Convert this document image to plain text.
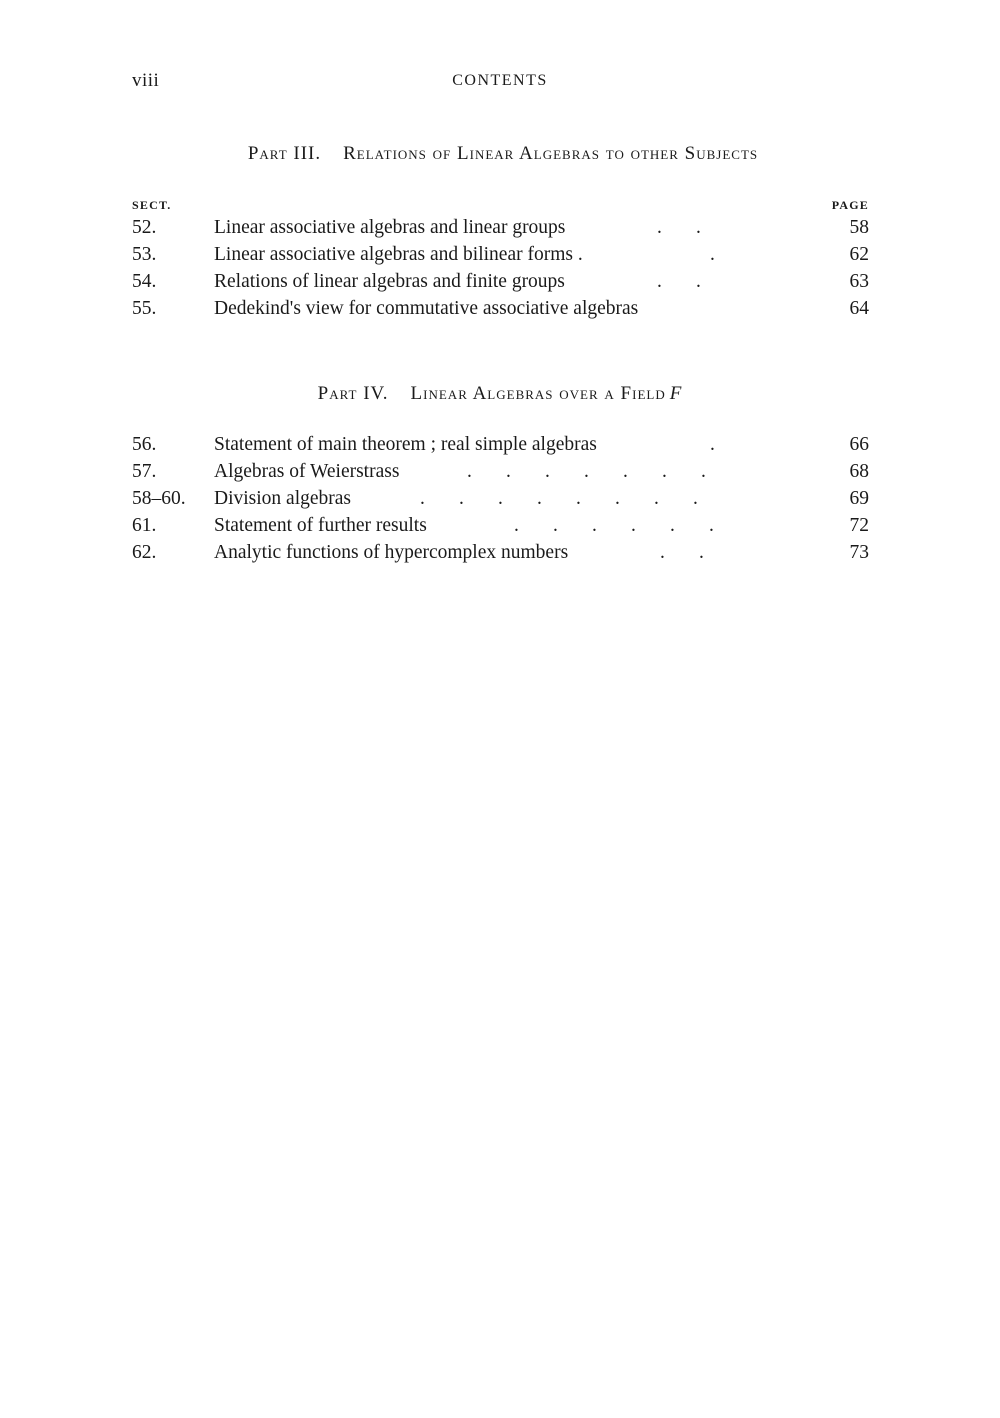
viii	CONTENTS
Part III. Relations of Linear Algebras to other Subjects
SECT.	PAGE
52.	Linear associative algebras and linear groups	.       .	58
53.	Linear associative algebras and bilinear forms .	.	62
54.	Relations of linear algebras and finite groups	.       .	63
55.	Dedekind's view for commutative associative algebras	64
Part IV. Linear Algebras over a Field F
56.	Statement of main theorem ; real simple algebras	.	66
57.	Algebras of Weierstrass	.       .       .       .       .       .       .	68
58–60. Division algebras	.       .       .       .       .       .       .       .	69
61.	Statement of further results	.       .       .       .       .       .	72
62.	Analytic functions of hypercomplex numbers	.       .	73
